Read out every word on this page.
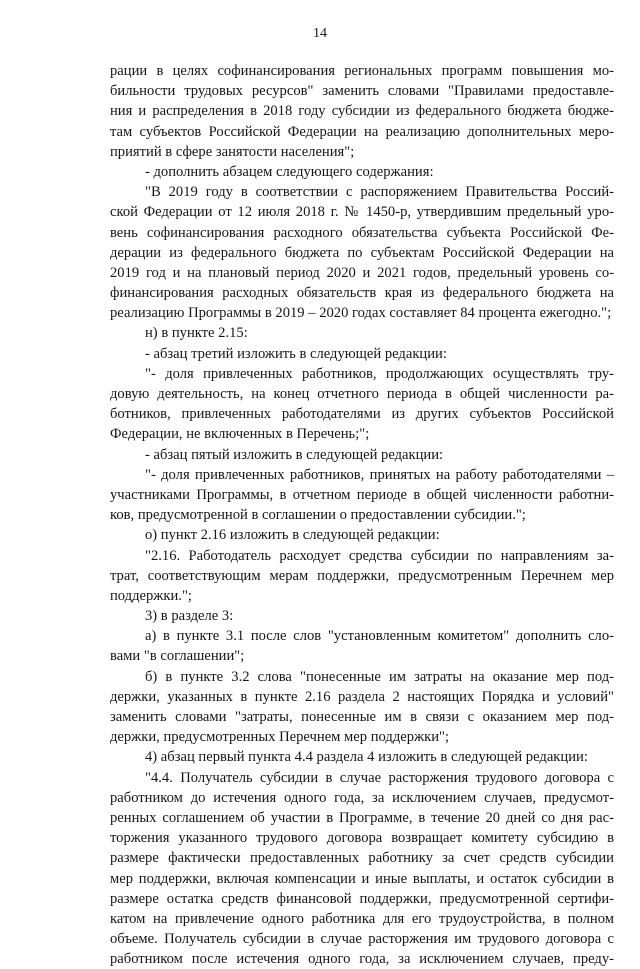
14
рации в целях софинансирования региональных программ повышения мо-
бильности трудовых ресурсов" заменить словами "Правилами предоставле-
ния и распределения в 2018 году субсидии из федерального бюджета бюдже-
там субъектов Российской Федерации на реализацию дополнительных меро-
приятий в сфере занятости населения";
- дополнить абзацем следующего содержания:
"В 2019 году в соответствии с распоряжением Правительства Россий-
ской Федерации от 12 июля 2018 г. № 1450-р, утвердившим предельный уро-
вень софинансирования расходного обязательства субъекта Российской Фе-
дерации из федерального бюджета по субъектам Российской Федерации на
2019 год и на плановый период 2020 и 2021 годов, предельный уровень со-
финансирования расходных обязательств края из федерального бюджета на
реализацию Программы в 2019 – 2020 годах составляет 84 процента ежегодно.";
н) в пункте 2.15:
- абзац третий изложить в следующей редакции:
"- доля привлеченных работников, продолжающих осуществлять тру-
довую деятельность, на конец отчетного периода в общей численности ра-
ботников, привлеченных работодателями из других субъектов Российской
Федерации, не включенных в Перечень;";
- абзац пятый изложить в следующей редакции:
"- доля привлеченных работников, принятых на работу работодателями –
участниками Программы, в отчетном периоде в общей численности работни-
ков, предусмотренной в соглашении о предоставлении субсидии.";
о) пункт 2.16 изложить в следующей редакции:
"2.16. Работодатель расходует средства субсидии по направлениям за-
трат, соответствующим мерам поддержки, предусмотренным Перечнем мер
поддержки.";
3) в разделе 3:
а) в пункте 3.1 после слов "установленным комитетом" дополнить сло-
вами "в соглашении";
б) в пункте 3.2 слова "понесенные им затраты на оказание мер под-
держки, указанных в пункте 2.16 раздела 2 настоящих Порядка и условий"
заменить словами "затраты, понесенные им в связи с оказанием мер под-
держки, предусмотренных Перечнем мер поддержки";
4) абзац первый пункта 4.4 раздела 4 изложить в следующей редакции:
"4.4. Получатель субсидии в случае расторжения трудового договора с
работником до истечения одного года, за исключением случаев, предусмот-
ренных соглашением об участии в Программе, в течение 20 дней со дня рас-
торжения указанного трудового договора возвращает комитету субсидию в
размере фактически предоставленных работнику за счет средств субсидии
мер поддержки, включая компенсации и иные выплаты, и остаток субсидии в
размере остатка средств финансовой поддержки, предусмотренной сертифи-
катом на привлечение одного работника для его трудоустройства, в полном
объеме. Получатель субсидии в случае расторжения им трудового договора с
работником после истечения одного года, за исключением случаев, преду-
